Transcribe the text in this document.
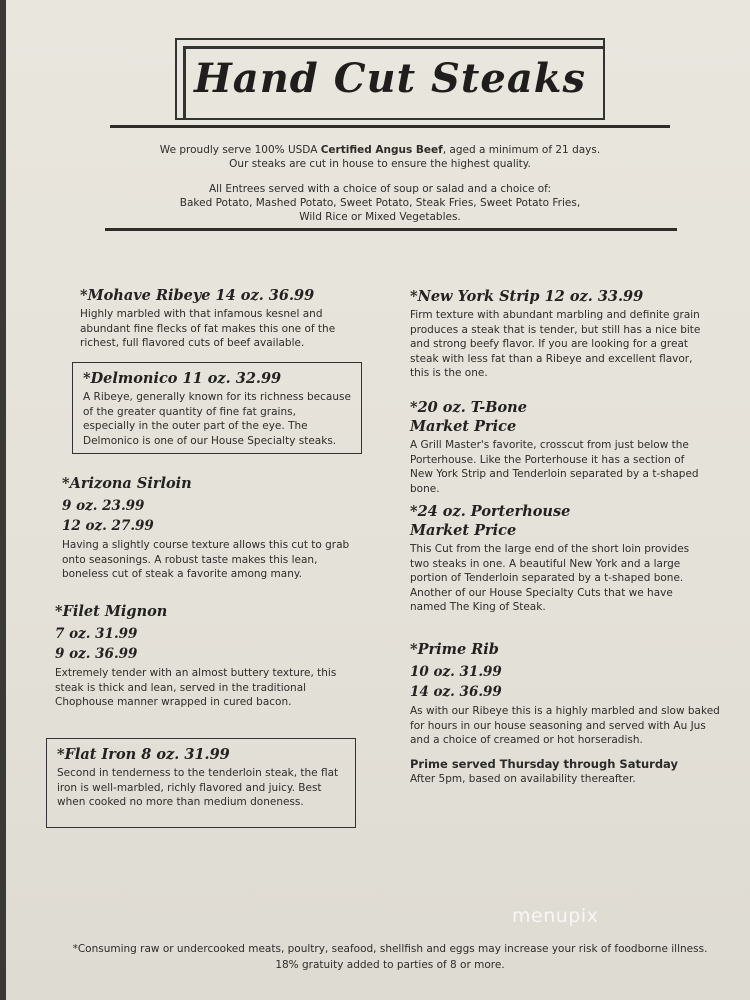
Hand Cut Steaks
We proudly serve 100% USDA Certified Angus Beef, aged a minimum of 21 days.
Our steaks are cut in house to ensure the highest quality.
All Entrees served with a choice of soup or salad and a choice of:
Baked Potato, Mashed Potato, Sweet Potato, Steak Fries, Sweet Potato Fries,
Wild Rice or Mixed Vegetables.
*Mohave Ribeye 14 oz. 36.99
Highly marbled with that infamous kesnel and abundant fine flecks of fat makes this one of the richest, full flavored cuts of beef available.
*Delmonico 11 oz. 32.99
A Ribeye, generally known for its richness because of the greater quantity of fine fat grains, especially in the outer part of the eye. The Delmonico is one of our House Specialty steaks.
*Arizona Sirloin
9 oz. 23.99
12 oz. 27.99
Having a slightly course texture allows this cut to grab onto seasonings. A robust taste makes this lean, boneless cut of steak a favorite among many.
*Filet Mignon
7 oz. 31.99
9 oz. 36.99
Extremely tender with an almost buttery texture, this steak is thick and lean, served in the traditional Chophouse manner wrapped in cured bacon.
*Flat Iron 8 oz. 31.99
Second in tenderness to the tenderloin steak, the flat iron is well-marbled, richly flavored and juicy. Best when cooked no more than medium doneness.
*New York Strip 12 oz. 33.99
Firm texture with abundant marbling and definite grain produces a steak that is tender, but still has a nice bite and strong beefy flavor. If you are looking for a great steak with less fat than a Ribeye and excellent flavor, this is the one.
*20 oz. T-Bone
Market Price
A Grill Master's favorite, crosscut from just below the Porterhouse. Like the Porterhouse it has a section of New York Strip and Tenderloin separated by a t-shaped bone.
*24 oz. Porterhouse
Market Price
This Cut from the large end of the short loin provides two steaks in one. A beautiful New York and a large portion of Tenderloin separated by a t-shaped bone. Another of our House Specialty Cuts that we have named The King of Steak.
*Prime Rib
10 oz. 31.99
14 oz. 36.99
As with our Ribeye this is a highly marbled and slow baked for hours in our house seasoning and served with Au Jus and a choice of creamed or hot horseradish.
Prime served Thursday through Saturday
After 5pm, based on availability thereafter.
menupix
*Consuming raw or undercooked meats, poultry, seafood, shellfish and eggs may increase your risk of foodborne illness.
18% gratuity added to parties of 8 or more.
